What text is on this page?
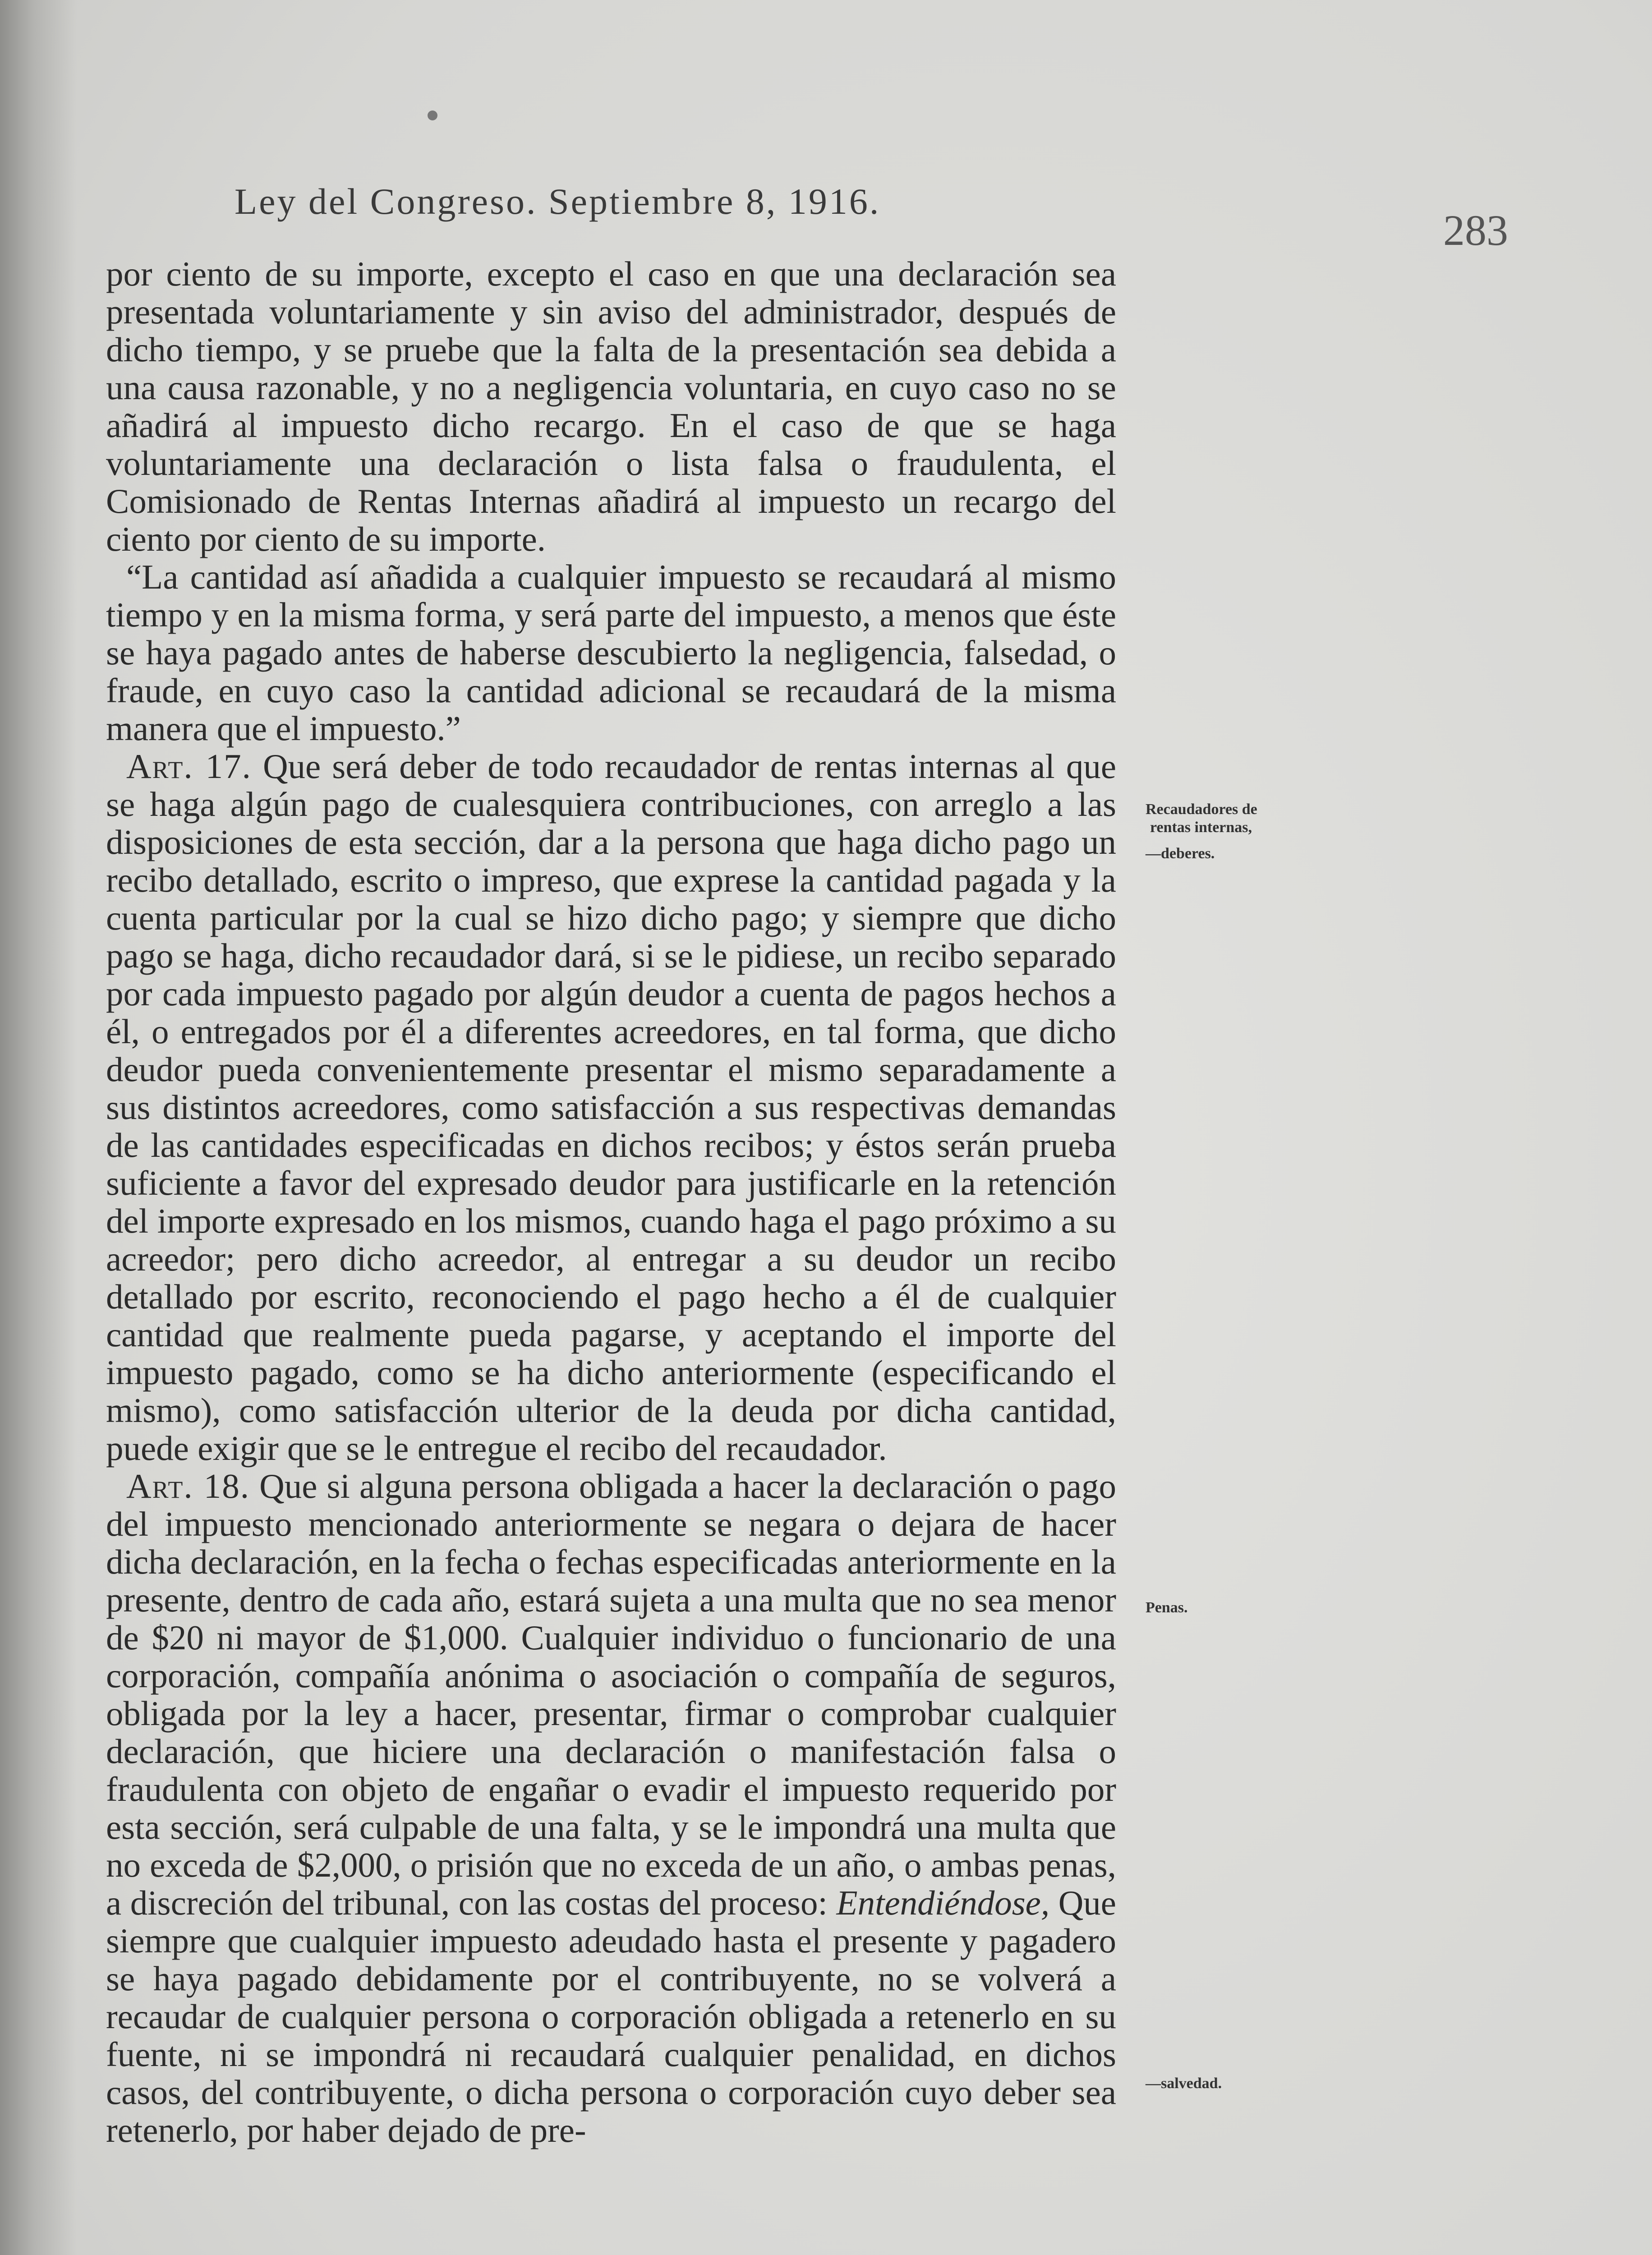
Ley del Congreso. Septiembre 8, 1916.
283

por ciento de su importe, excepto el caso en que una declaración sea presentada voluntariamente y sin aviso del administrador, después de dicho tiempo, y se pruebe que la falta de la presentación sea debida a una causa razonable, y no a negligencia voluntaria, en cuyo caso no se añadirá al impuesto dicho recargo. En el caso de que se haga voluntariamente una declaración o lista falsa o fraudulenta, el Comisionado de Rentas Internas añadirá al impuesto un recargo del ciento por ciento de su importe.

“La cantidad así añadida a cualquier impuesto se recaudará al mismo tiempo y en la misma forma, y será parte del impuesto, a menos que éste se haya pagado antes de haberse descubierto la negligencia, falsedad, o fraude, en cuyo caso la cantidad adicional se recaudará de la misma manera que el impuesto.”

Art. 17. Que será deber de todo recaudador de rentas internas al que se haga algún pago de cualesquiera contribuciones, con arreglo a las disposiciones de esta sección, dar a la persona que haga dicho pago un recibo detallado, escrito o impreso, que exprese la cantidad pagada y la cuenta particular por la cual se hizo dicho pago; y siempre que dicho pago se haga, dicho recaudador dará, si se le pidiese, un recibo separado por cada impuesto pagado por algún deudor a cuenta de pagos hechos a él, o entregados por él a diferentes acreedores, en tal forma, que dicho deudor pueda convenientemente presentar el mismo separadamente a sus distintos acreedores, como satisfacción a sus respectivas demandas de las cantidades especificadas en dichos recibos; y éstos serán prueba suficiente a favor del expresado deudor para justificarle en la retención del importe expresado en los mismos, cuando haga el pago próximo a su acreedor; pero dicho acreedor, al entregar a su deudor un recibo detallado por escrito, reconociendo el pago hecho a él de cualquier cantidad que realmente pueda pagarse, y aceptando el importe del impuesto pagado, como se ha dicho anteriormente (especificando el mismo), como satisfacción ulterior de la deuda por dicha cantidad, puede exigir que se le entregue el recibo del recaudador.

Art. 18. Que si alguna persona obligada a hacer la declaración o pago del impuesto mencionado anteriormente se negara o dejara de hacer dicha declaración, en la fecha o fechas especificadas anteriormente en la presente, dentro de cada año, estará sujeta a una multa que no sea menor de $20 ni mayor de $1,000. Cualquier individuo o funcionario de una corporación, compañía anónima o asociación o compañía de seguros, obligada por la ley a hacer, presentar, firmar o comprobar cualquier declaración, que hiciere una declaración o manifestación falsa o fraudulenta con objeto de engañar o evadir el impuesto requerido por esta sección, será culpable de una falta, y se le impondrá una multa que no exceda de $2,000, o prisión que no exceda de un año, o ambas penas, a discreción del tribunal, con las costas del proceso: Entendiéndose, Que siempre que cualquier impuesto adeudado hasta el presente y pagadero se haya pagado debidamente por el contribuyente, no se volverá a recaudar de cualquier persona o corporación obligada a retenerlo en su fuente, ni se impondrá ni recaudará cualquier penalidad, en dichos casos, del contribuyente, o dicha persona o corporación cuyo deber sea retenerlo, por haber dejado de pre-

Recaudadores de
rentas internas,
—deberes.
Penas.
—salvedad.
